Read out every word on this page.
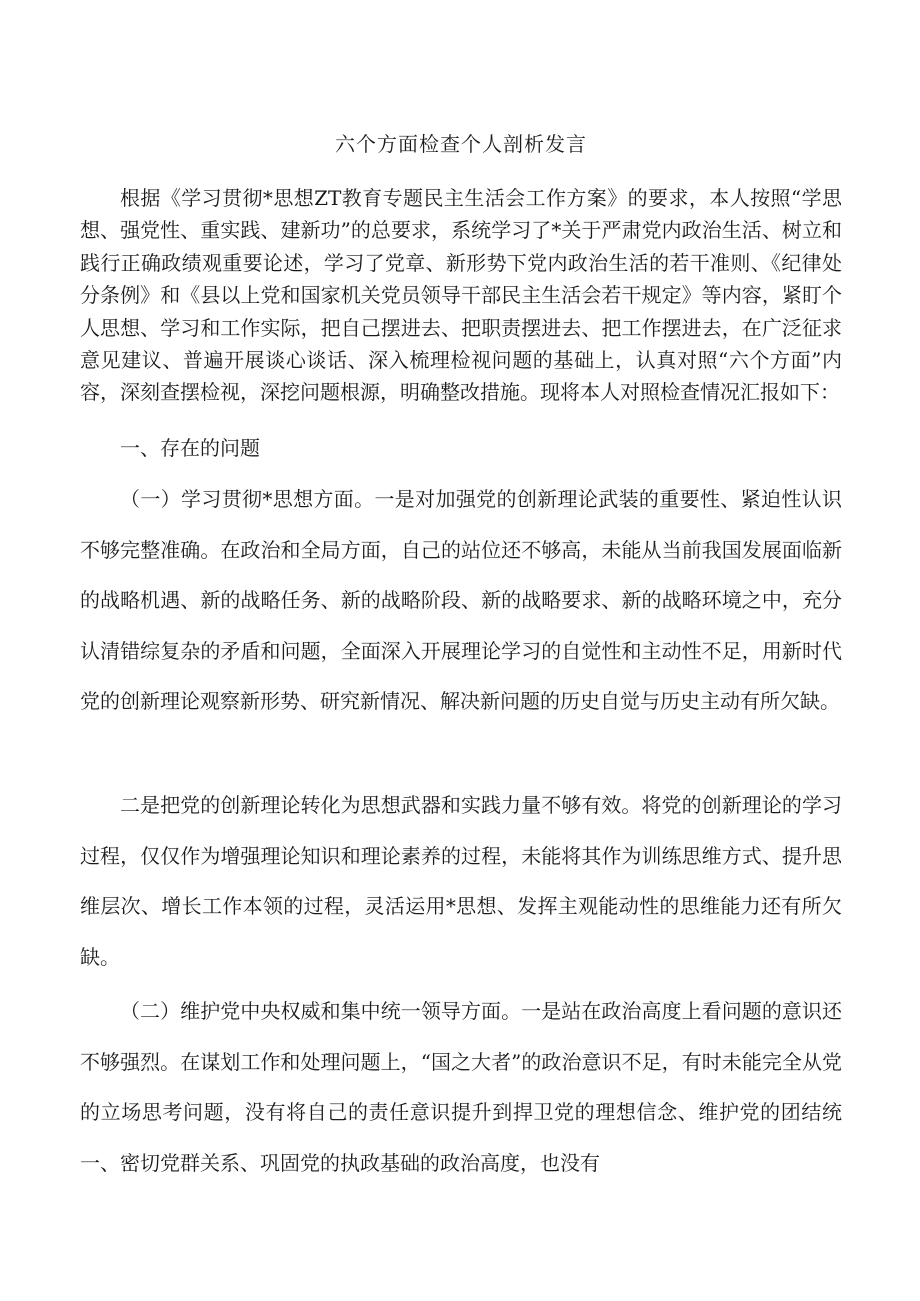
六个方面检查个人剖析发言

根据《学习贯彻*思想ZT教育专题民主生活会工作方案》的要求，本人按照“学思想、强党性、重实践、建新功”的总要求，系统学习了*关于严肃党内政治生活、树立和践行正确政绩观重要论述，学习了党章、新形势下党内政治生活的若干准则、《纪律处分条例》和《县以上党和国家机关党员领导干部民主生活会若干规定》等内容，紧盯个人思想、学习和工作实际，把自己摆进去、把职责摆进去、把工作摆进去，在广泛征求意见建议、普遍开展谈心谈话、深入梳理检视问题的基础上，认真对照“六个方面”内容，深刻查摆检视，深挖问题根源，明确整改措施。现将本人对照检查情况汇报如下：

一、存在的问题

（一）学习贯彻*思想方面。一是对加强党的创新理论武装的重要性、紧迫性认识不够完整准确。在政治和全局方面，自己的站位还不够高，未能从当前我国发展面临新的战略机遇、新的战略任务、新的战略阶段、新的战略要求、新的战略环境之中，充分认清错综复杂的矛盾和问题，全面深入开展理论学习的自觉性和主动性不足，用新时代党的创新理论观察新形势、研究新情况、解决新问题的历史自觉与历史主动有所欠缺。

二是把党的创新理论转化为思想武器和实践力量不够有效。将党的创新理论的学习过程，仅仅作为增强理论知识和理论素养的过程，未能将其作为训练思维方式、提升思维层次、增长工作本领的过程，灵活运用*思想、发挥主观能动性的思维能力还有所欠缺。

（二）维护党中央权威和集中统一领导方面。一是站在政治高度上看问题的意识还不够强烈。在谋划工作和处理问题上，“国之大者”的政治意识不足，有时未能完全从党的立场思考问题，没有将自己的责任意识提升到捍卫党的理想信念、维护党的团结统一、密切党群关系、巩固党的执政基础的政治高度，也没有
